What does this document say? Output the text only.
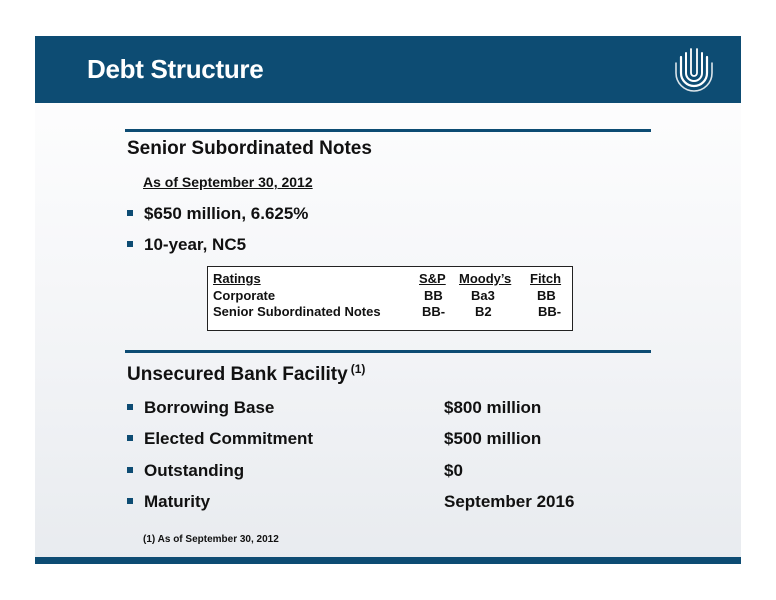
Debt Structure
Senior Subordinated Notes
As of September 30, 2012
$650 million, 6.625%
10-year, NC5
Ratings	S&P Moody’s Fitch
Corporate	BB Ba3	BB
Senior Subordinated Notes	BB- B2	BB-
Unsecured Bank Facility $^{(1)}$
Borrowing Base	$800 million
Elected Commitment	$500 million
Outstanding	$0
Maturity	September 2016
(1) As of September 30, 2012
